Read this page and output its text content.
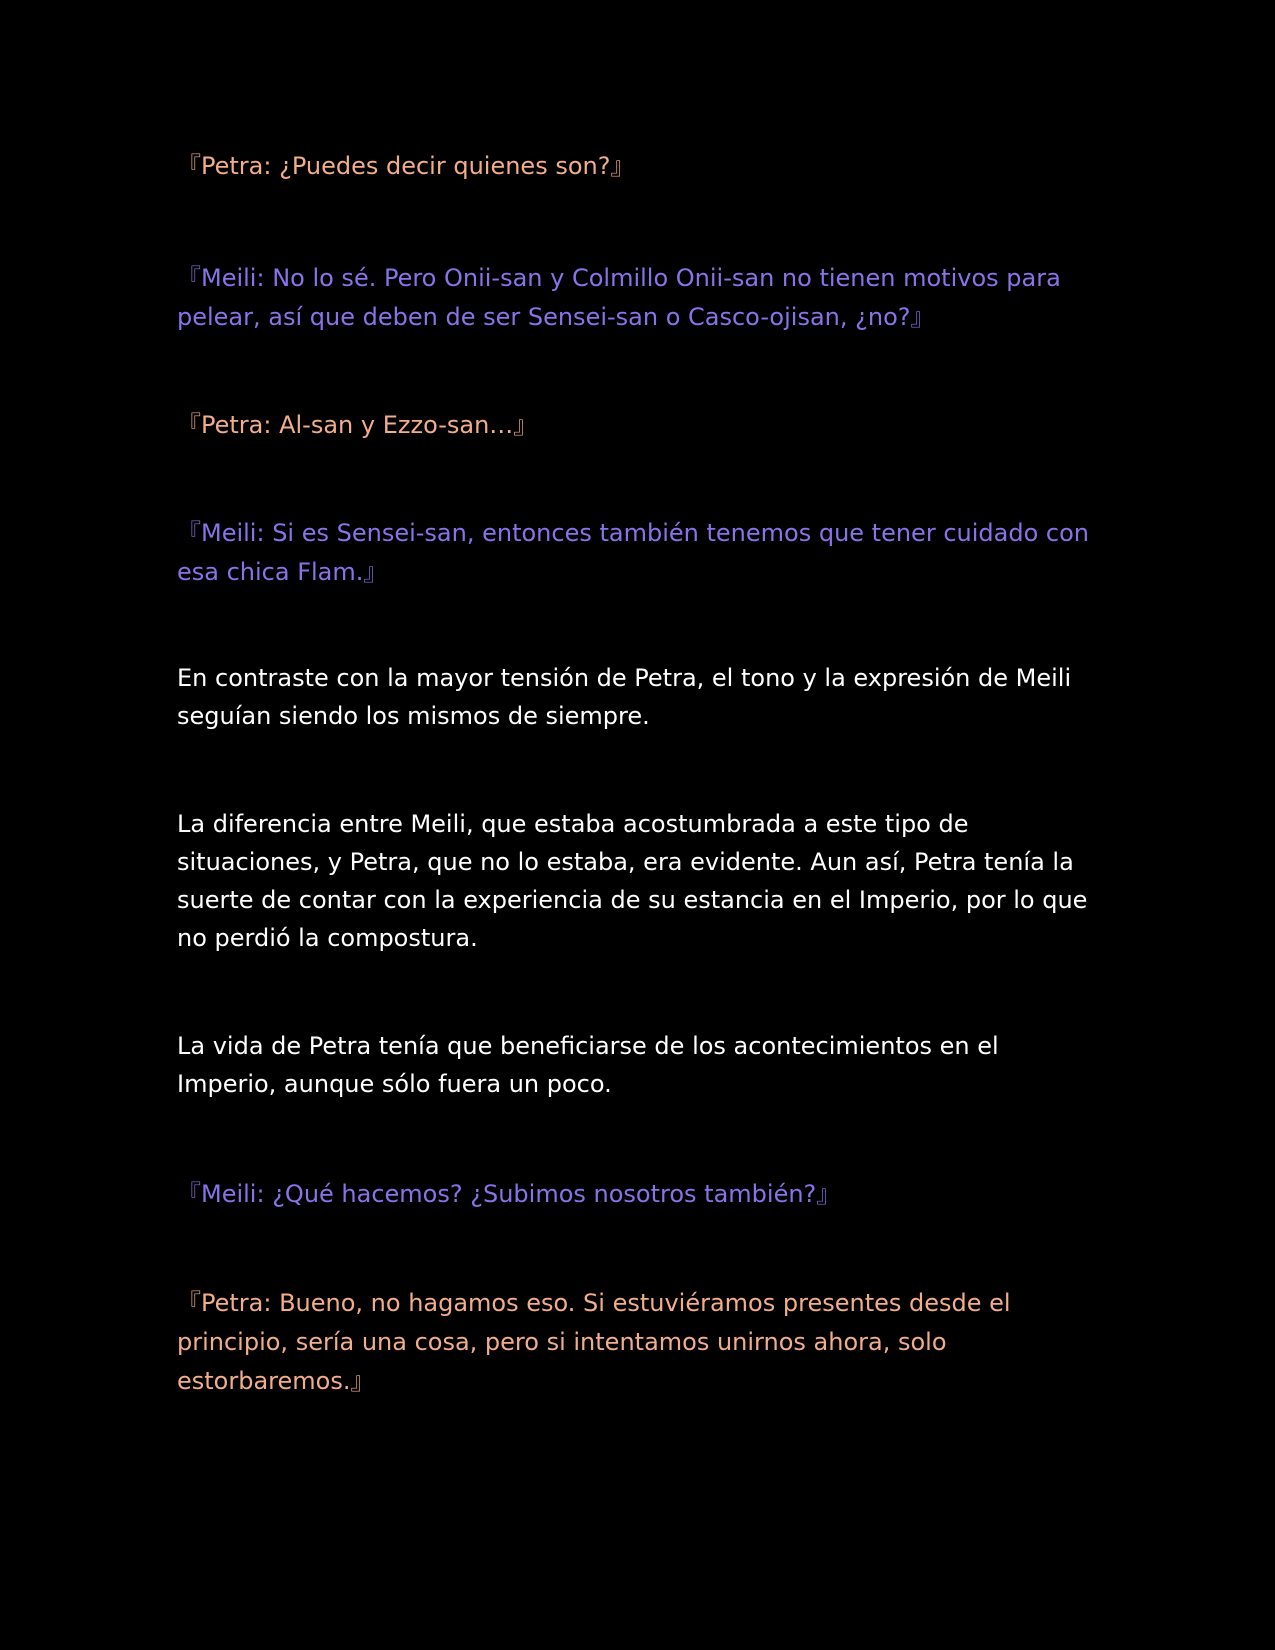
『Petra: ¿Puedes decir quienes son?』

『Meili: No lo sé. Pero Onii-san y Colmillo Onii-san no tienen motivos para pelear, así que deben de ser Sensei-san o Casco-ojisan, ¿no?』

『Petra: Al-san y Ezzo-san…』

『Meili: Si es Sensei-san, entonces también tenemos que tener cuidado con esa chica Flam.』

En contraste con la mayor tensión de Petra, el tono y la expresión de Meili seguían siendo los mismos de siempre.

La diferencia entre Meili, que estaba acostumbrada a este tipo de situaciones, y Petra, que no lo estaba, era evidente. Aun así, Petra tenía la suerte de contar con la experiencia de su estancia en el Imperio, por lo que no perdió la compostura.

La vida de Petra tenía que beneficiarse de los acontecimientos en el Imperio, aunque sólo fuera un poco.

『Meili: ¿Qué hacemos? ¿Subimos nosotros también?』

『Petra: Bueno, no hagamos eso. Si estuviéramos presentes desde el principio, sería una cosa, pero si intentamos unirnos ahora, solo estorbaremos.』
